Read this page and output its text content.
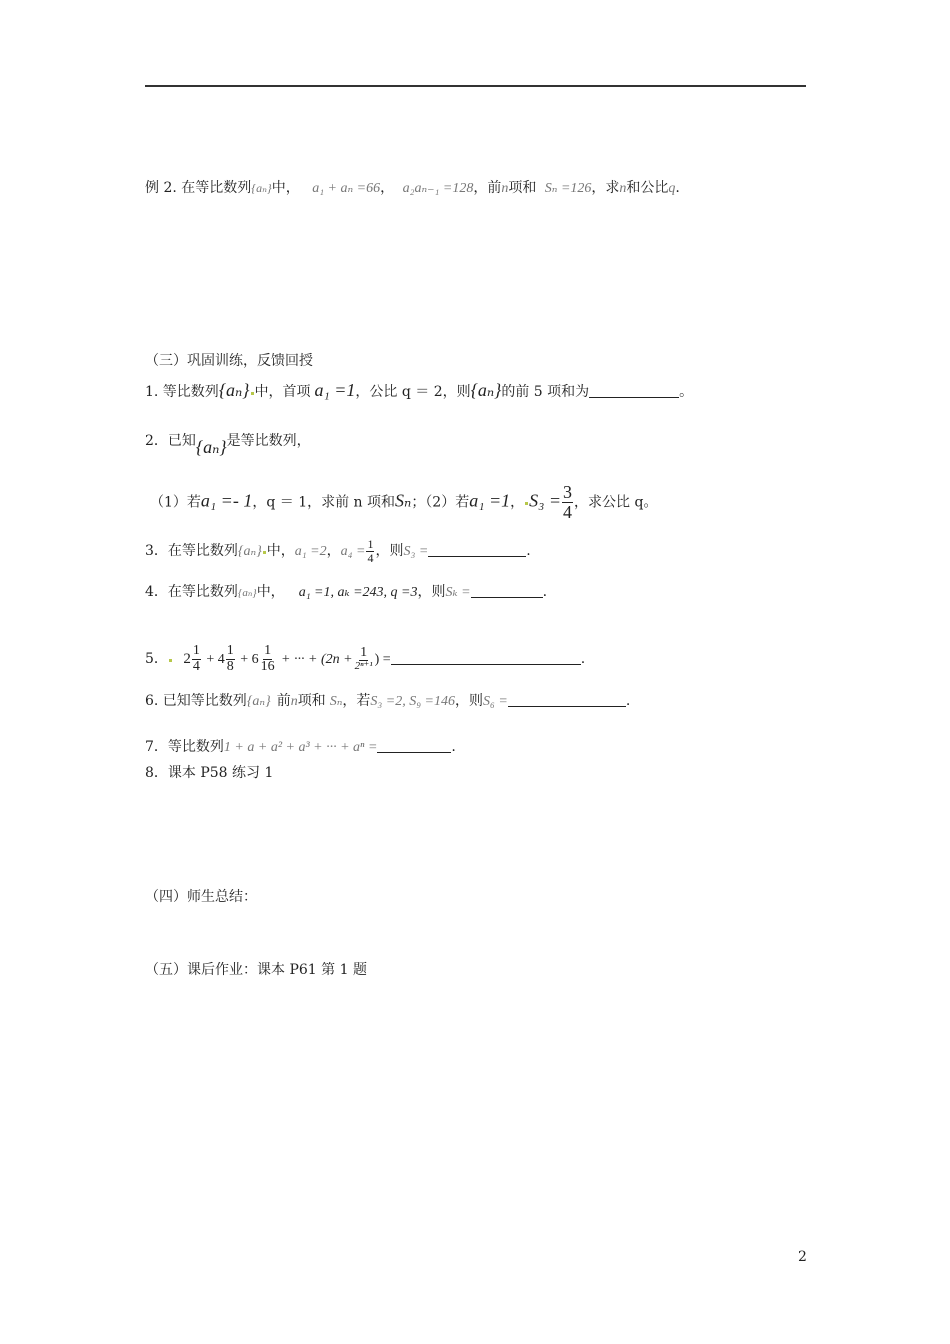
例 2. 在等比数列{aₙ}中， a₁ + aₙ =66， a₂aₙ₋₁ =128，前n项和 Sₙ =126，求n和公比q.
（三）巩固训练，反馈回授
1. 等比数列{aₙ} 中，首项 a₁ =1，公比 q ＝ 2，则{aₙ}的前 5 项和为	。
2．已知{aₙ}是等比数列，
（1）若a₁ =- 1，q ＝ 1，求前 n 项和Sₙ；（2）若a₁ =1， $S_3 = \frac{3}{4}$ ，求公比 q。
3．在等比数列{aₙ} 中，a₁ =2，$a_4 = \frac{1}{4}$ ，则S₃ =	.
4．在等比数列{aₙ}中， a₁ =1, aₖ =243, q =3，则Sₖ =	.
5． $2 \frac{1}{4} + 4 \frac{1}{8} + 6 \frac{1}{16}$ + ··· + ($2n + \frac{1}{\text{2ⁿ⁺¹}}$ ) =	.
6. 已知等比数列{aₙ} 前n项和 Sₙ，若S₃ =2, S₉ =146，则S₆ =	.
7．等比数列1 + a + a² + a³ + ··· + aⁿ =	.
8．课本 P58 练习 1
（四）师生总结：
（五）课后作业：课本 P61 第 1 题
2
